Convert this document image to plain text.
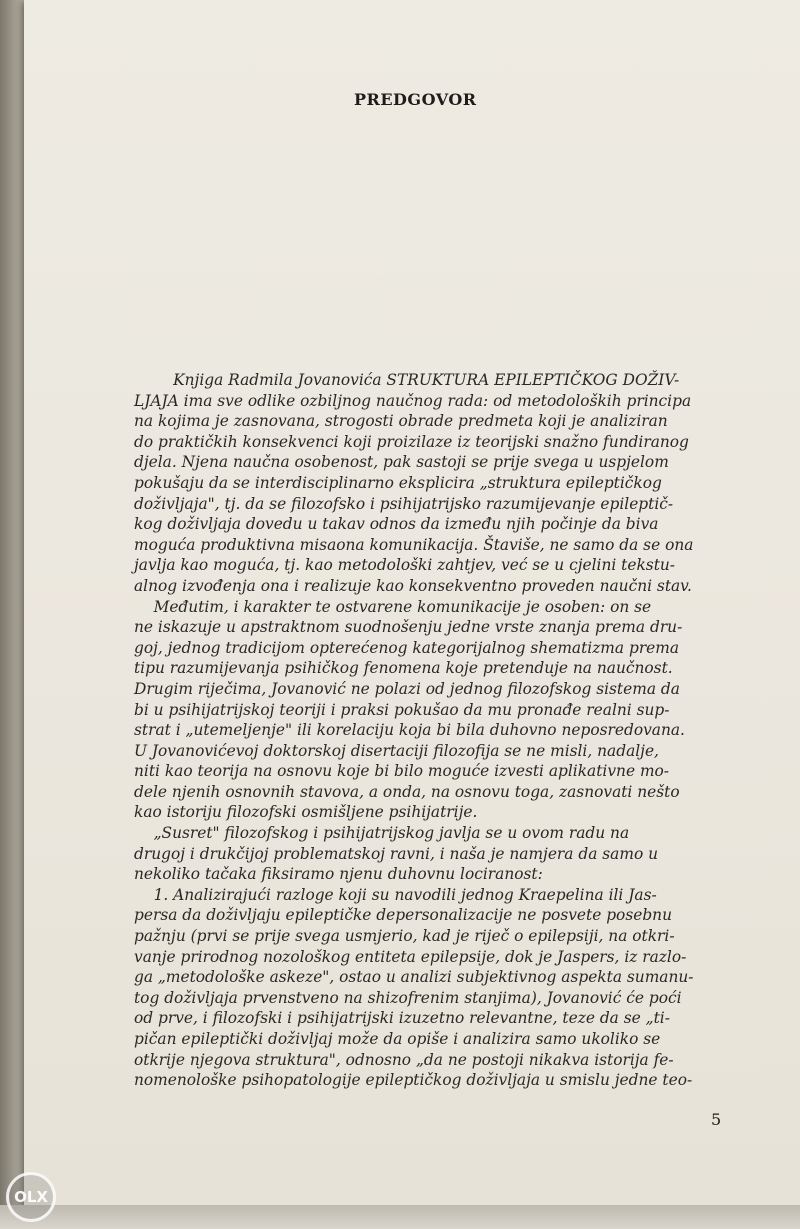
PREDGOVOR
Knjiga Radmila Jovanovića STRUKTURA EPILEPTIČKOG DOŽIV-
LJAJA ima sve odlike ozbiljnog naučnog rada: od metodoloških principa
na kojima je zasnovana, strogosti obrade predmeta koji je analiziran
do praktičkih konsekvenci koji proizilaze iz teorijski snažno fundiranog
djela. Njena naučna osobenost, pak sastoji se prije svega u uspjelom
pokušaju da se interdisciplinarno eksplicira „struktura epileptičkog
doživljaja", tj. da se filozofsko i psihijatrijsko razumijevanje epileptič-
kog doživljaja dovedu u takav odnos da između njih počinje da biva
moguća produktivna misaona komunikacija. Štaviše, ne samo da se ona
javlja kao moguća, tj. kao metodološki zahtjev, već se u cjelini tekstu-
alnog izvođenja ona i realizuje kao konsekventno proveden naučni stav.
Međutim, i karakter te ostvarene komunikacije je osoben: on se
ne iskazuje u apstraktnom suodnošenju jedne vrste znanja prema dru-
goj, jednog tradicijom opterećenog kategorijalnog shematizma prema
tipu razumijevanja psihičkog fenomena koje pretenduje na naučnost.
Drugim riječima, Jovanović ne polazi od jednog filozofskog sistema da
bi u psihijatrijskoj teoriji i praksi pokušao da mu pronađe realni sup-
strat i „utemeljenje" ili korelaciju koja bi bila duhovno neposredovana.
U Jovanovićevoj doktorskoj disertaciji filozofija se ne misli, nadalje,
niti kao teorija na osnovu koje bi bilo moguće izvesti aplikativne mo-
dele njenih osnovnih stavova, a onda, na osnovu toga, zasnovati nešto
kao istoriju filozofski osmišljene psihijatrije.
„Susret" filozofskog i psihijatrijskog javlja se u ovom radu na
drugoj i drukčijoj problematskoj ravni, i naša je namjera da samo u
nekoliko tačaka fiksiramo njenu duhovnu lociranost:
1. Analizirajući razloge koji su navodili jednog Kraepelina ili Jas-
persa da doživljaju epileptičke depersonalizacije ne posvete posebnu
pažnju (prvi se prije svega usmjerio, kad je riječ o epilepsiji, na otkri-
vanje prirodnog nozološkog entiteta epilepsije, dok je Jaspers, iz razlo-
ga „metodološke askeze", ostao u analizi subjektivnog aspekta sumanu-
tog doživljaja prvenstveno na shizofrenim stanjima), Jovanović će poći
od prve, i filozofski i psihijatrijski izuzetno relevantne, teze da se „ti-
pičan epileptički doživljaj može da opiše i analizira samo ukoliko se
otkrije njegova struktura", odnosno „da ne postoji nikakva istorija fe-
nomenološke psihopatologije epileptičkog doživljaja u smislu jedne teo-
5
OLX
